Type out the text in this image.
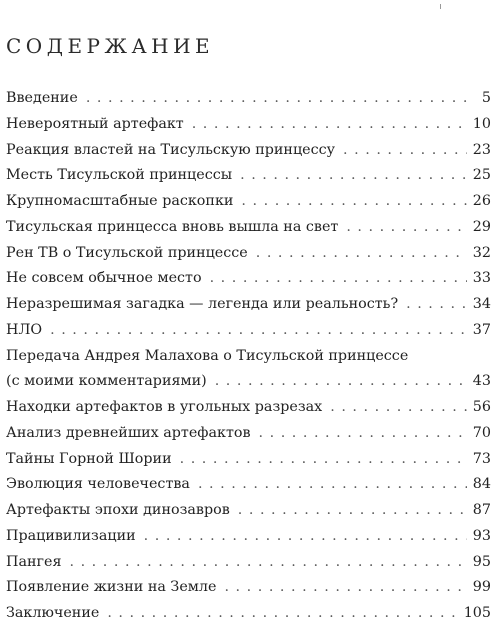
СОДЕРЖАНИЕ
Введение . . .	5
Невероятный артефакт . . .	10
Реакция властей на Тисульскую принцессу . . .	23
Месть Тисульской принцессы . . .	25
Крупномасштабные раскопки . . .	26
Тисульская принцесса вновь вышла на свет . . .	29
Рен ТВ о Тисульской принцессе . . .	32
Не совсем обычное место . . .	33
Неразрешимая загадка — легенда или реальность? . . .	34
НЛО . . .	37
Передача Андрея Малахова о Тисульской принцессе
(с моими комментариями) . . .	43
Находки артефактов в угольных разрезах . . .	56
Анализ древнейших артефактов . . .	70
Тайны Горной Шории . . .	73
Эволюция человечества . . .	84
Артефакты эпохи динозавров . . .	87
Працивилизации . . .	93
Пангея . . .	95
Появление жизни на Земле . . .	99
Заключение . . .	105
